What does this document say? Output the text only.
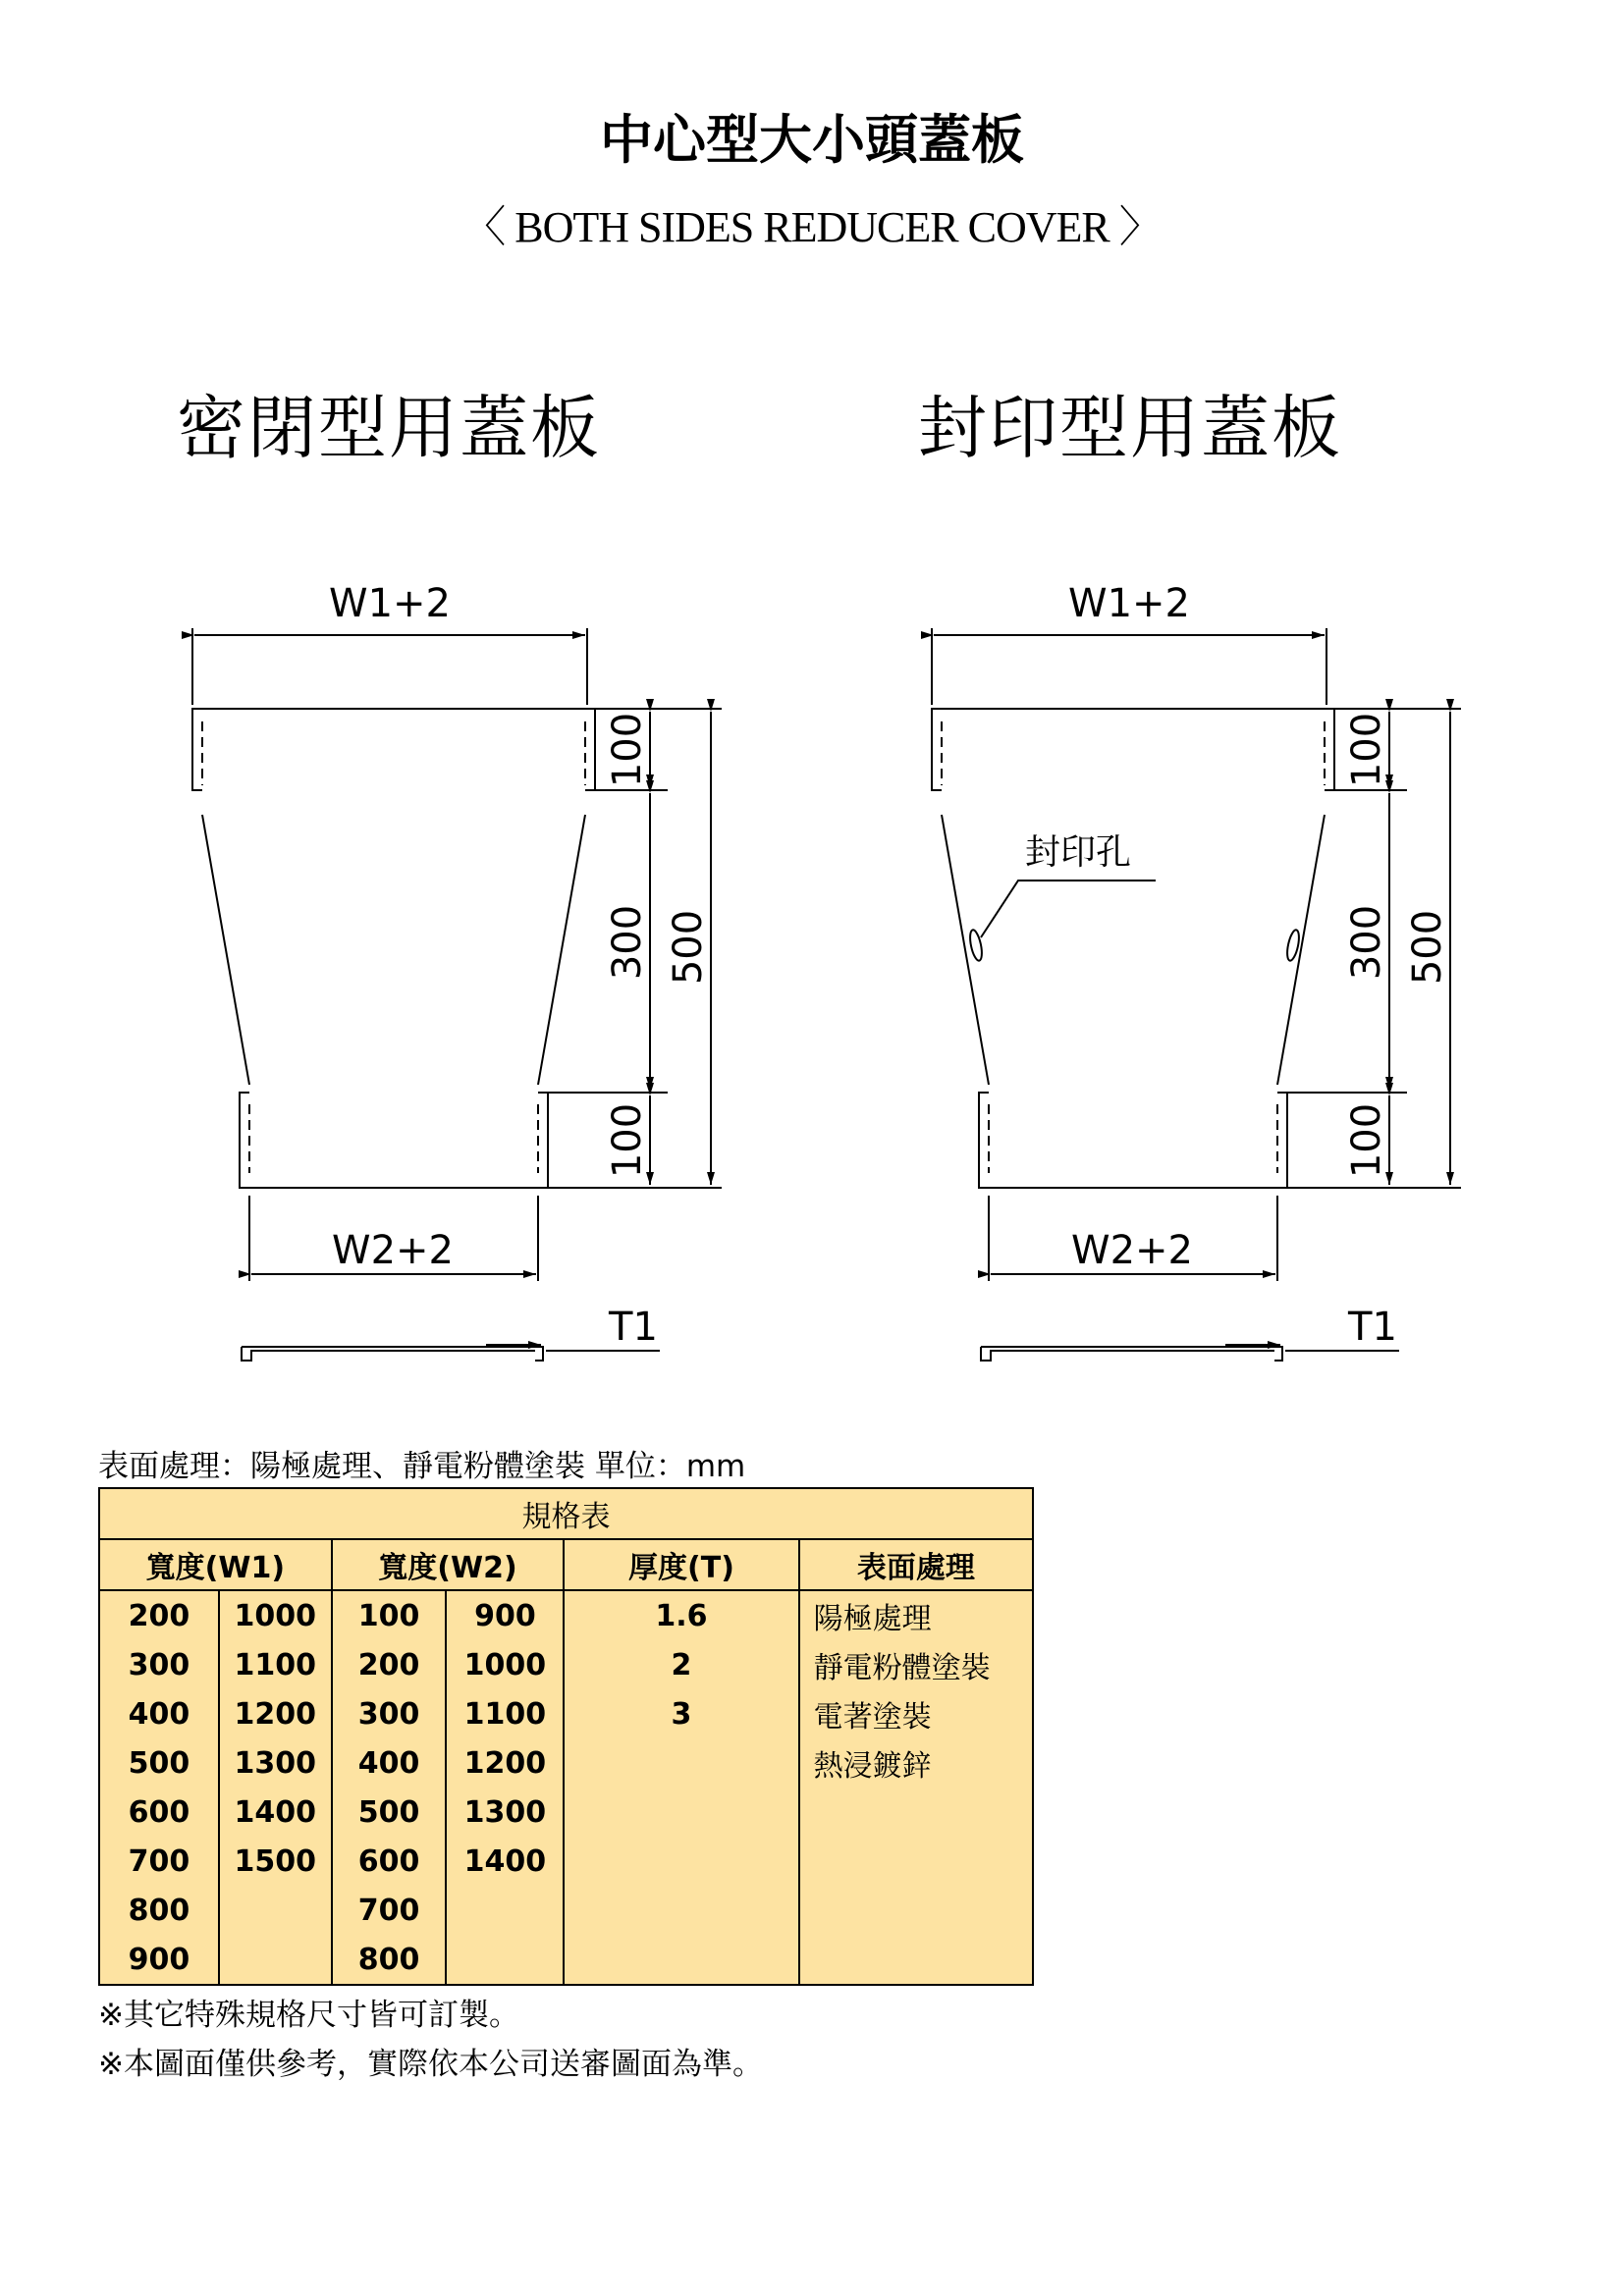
中心型大小頭蓋板
〈 BOTH SIDES REDUCER COVER 〉
密閉型用蓋板	封印型用蓋板
W1+2
W2+2
T1
100
300 500
100
W1+2
W2+2
T1
100
300 500
100
封印孔
表面處理：陽極處理、靜電粉體塗裝 單位：mm
規格表					
寬度(W1)		寬度(W2)		厚度(T)	表面處理
200	1000	100	900	1.6	陽極處理
300	1100	200	1000	2	靜電粉體塗裝
400	1200	300	1100	3	電著塗裝
500	1300	400	1200		熱浸鍍鋅
600	1400	500	1300		
700	1500	600	1400		
800		700			
900		800			
※其它特殊規格尺寸皆可訂製。
※本圖面僅供參考，實際依本公司送審圖面為準。
